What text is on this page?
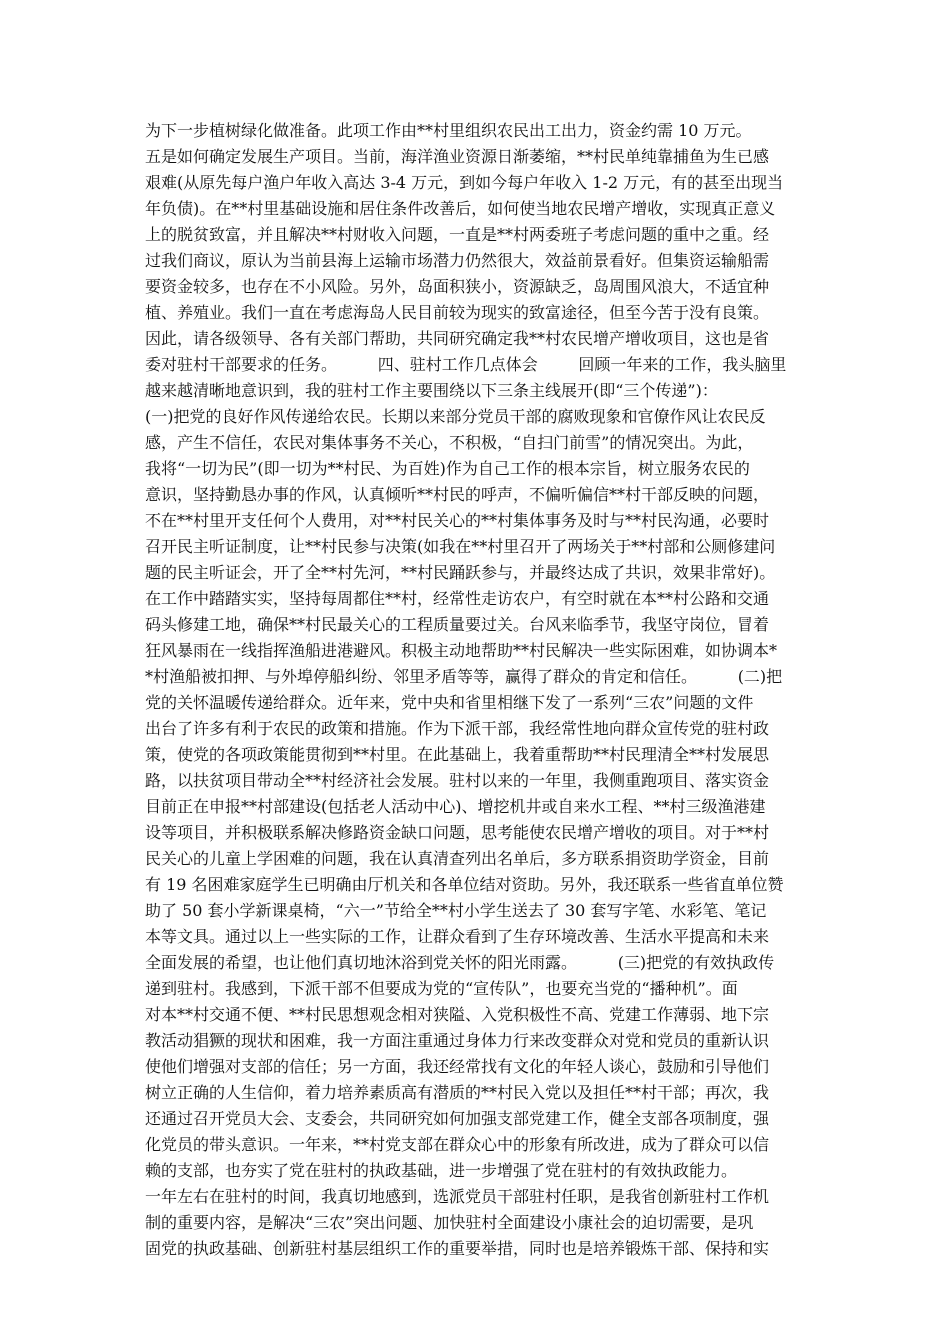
为下一步植树绿化做准备。此项工作由**村里组织农民出工出力，资金约需 10 万元。
五是如何确定发展生产项目。当前，海洋渔业资源日渐萎缩，**村民单纯靠捕鱼为生已感
艰难(从原先每户渔户年收入高达 3-4 万元，到如今每户年收入 1-2 万元，有的甚至出现当
年负债)。在**村里基础设施和居住条件改善后，如何使当地农民增产增收，实现真正意义
上的脱贫致富，并且解决**村财收入问题，一直是**村两委班子考虑问题的重中之重。经
过我们商议，原认为当前县海上运输市场潜力仍然很大，效益前景看好。但集资运输船需
要资金较多，也存在不小风险。另外，岛面积狭小，资源缺乏，岛周围风浪大，不适宜种
植、养殖业。我们一直在考虑海岛人民目前较为现实的致富途径，但至今苦于没有良策。
因此，请各级领导、各有关部门帮助，共同研究确定我**村农民增产增收项目，这也是省
委对驻村干部要求的任务。        四、驻村工作几点体会        回顾一年来的工作，我头脑里
越来越清晰地意识到，我的驻村工作主要围绕以下三条主线展开(即“三个传递”)：
(一)把党的良好作风传递给农民。长期以来部分党员干部的腐败现象和官僚作风让农民反
感，产生不信任，农民对集体事务不关心，不积极，“自扫门前雪”的情况突出。为此，
我将“一切为民”(即一切为**村民、为百姓)作为自己工作的根本宗旨，树立服务农民的
意识，坚持勤恳办事的作风，认真倾听**村民的呼声，不偏听偏信**村干部反映的问题，
不在**村里开支任何个人费用，对**村民关心的**村集体事务及时与**村民沟通，必要时
召开民主听证制度，让**村民参与决策(如我在**村里召开了两场关于**村部和公厕修建问
题的民主听证会，开了全**村先河，**村民踊跃参与，并最终达成了共识，效果非常好)。
在工作中踏踏实实，坚持每周都住**村，经常性走访农户，有空时就在本**村公路和交通
码头修建工地，确保**村民最关心的工程质量要过关。台风来临季节，我坚守岗位，冒着
狂风暴雨在一线指挥渔船进港避风。积极主动地帮助**村民解决一些实际困难，如协调本*
*村渔船被扣押、与外埠停船纠纷、邻里矛盾等等，赢得了群众的肯定和信任。        (二)把
党的关怀温暖传递给群众。近年来，党中央和省里相继下发了一系列“三农”问题的文件
出台了许多有利于农民的政策和措施。作为下派干部，我经常性地向群众宣传党的驻村政
策，使党的各项政策能贯彻到**村里。在此基础上，我着重帮助**村民理清全**村发展思
路，以扶贫项目带动全**村经济社会发展。驻村以来的一年里，我侧重跑项目、落实资金
目前正在申报**村部建设(包括老人活动中心)、增挖机井或自来水工程、**村三级渔港建
设等项目，并积极联系解决修路资金缺口问题，思考能使农民增产增收的项目。对于**村
民关心的儿童上学困难的问题，我在认真清查列出名单后，多方联系捐资助学资金，目前
有 19 名困难家庭学生已明确由厅机关和各单位结对资助。另外，我还联系一些省直单位赞
助了 50 套小学新课桌椅，“六一”节给全**村小学生送去了 30 套写字笔、水彩笔、笔记
本等文具。通过以上一些实际的工作，让群众看到了生存环境改善、生活水平提高和未来
全面发展的希望，也让他们真切地沐浴到党关怀的阳光雨露。        (三)把党的有效执政传
递到驻村。我感到，下派干部不但要成为党的“宣传队”，也要充当党的“播种机”。面
对本**村交通不便、**村民思想观念相对狭隘、入党积极性不高、党建工作薄弱、地下宗
教活动猖獗的现状和困难，我一方面注重通过身体力行来改变群众对党和党员的重新认识
使他们增强对支部的信任；另一方面，我还经常找有文化的年轻人谈心，鼓励和引导他们
树立正确的人生信仰，着力培养素质高有潜质的**村民入党以及担任**村干部；再次，我
还通过召开党员大会、支委会，共同研究如何加强支部党建工作，健全支部各项制度，强
化党员的带头意识。一年来，**村党支部在群众心中的形象有所改进，成为了群众可以信
赖的支部，也夯实了党在驻村的执政基础，进一步增强了党在驻村的有效执政能力。
一年左右在驻村的时间，我真切地感到，选派党员干部驻村任职，是我省创新驻村工作机
制的重要内容，是解决“三农”突出问题、加快驻村全面建设小康社会的迫切需要，是巩
固党的执政基础、创新驻村基层组织工作的重要举措，同时也是培养锻炼干部、保持和实
